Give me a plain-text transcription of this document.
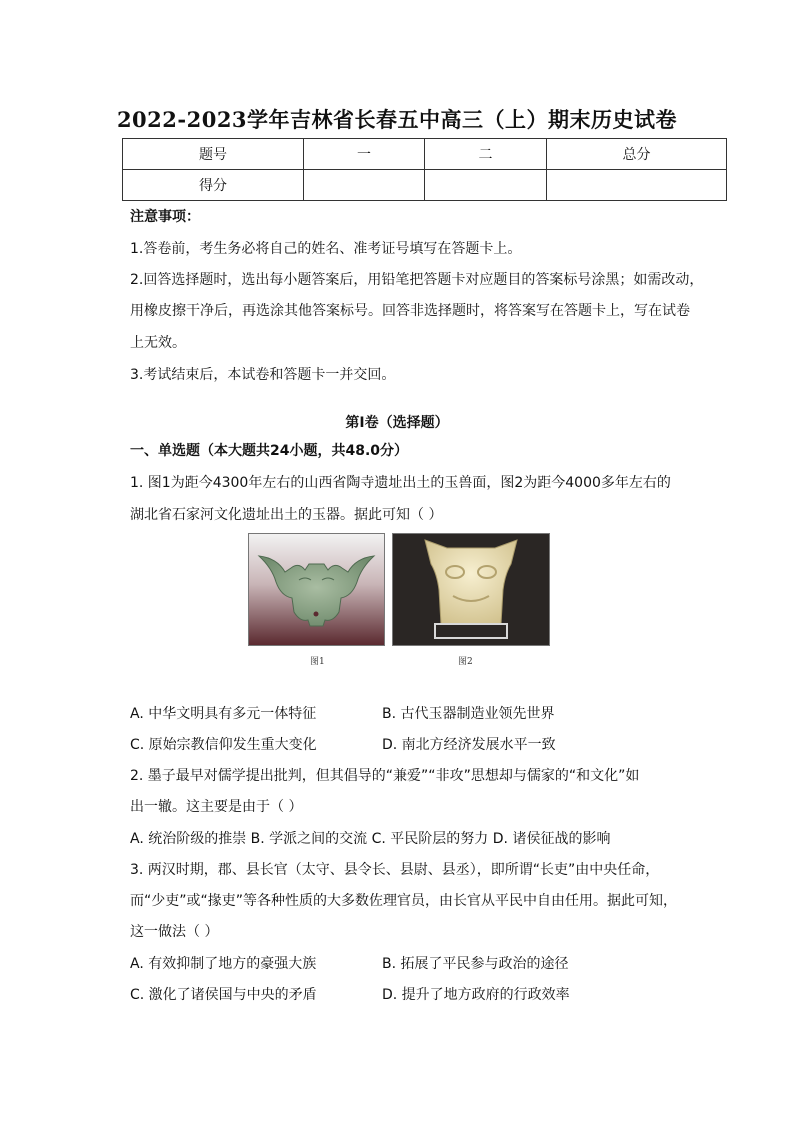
2022-2023学年吉林省长春五中高三（上）期末历史试卷
题号	一	二	总分
得分			
注意事项：
1.答卷前，考生务必将自己的姓名、准考证号填写在答题卡上。
2.回答选择题时，选出每小题答案后，用铅笔把答题卡对应题目的答案标号涂黑；如需改动，
用橡皮擦干净后，再选涂其他答案标号。回答非选择题时，将答案写在答题卡上，写在试卷
上无效。
3.考试结束后，本试卷和答题卡一并交回。
第Ⅰ卷（选择题）
一、单选题（本大题共24小题，共48.0分）
1. 图1为距今4300年左右的山西省陶寺遗址出土的玉兽面，图2为距今4000多年左右的
湖北省石家河文化遗址出土的玉器。据此可知（ ）
图1	图2
A. 中华文明具有多元一体特征	B. 古代玉器制造业领先世界
C. 原始宗教信仰发生重大变化	D. 南北方经济发展水平一致
2. 墨子最早对儒学提出批判，但其倡导的“兼爱”“非攻”思想却与儒家的“和文化”如
出一辙。这主要是由于（ ）
A. 统治阶级的推崇 B. 学派之间的交流 C. 平民阶层的努力 D. 诸侯征战的影响
3. 两汉时期，郡、县长官（太守、县令长、县尉、县丞），即所谓“长吏”由中央任命，
而“少吏”或“掾吏”等各种性质的大多数佐理官员，由长官从平民中自由任用。据此可知，
这一做法（ ）
A. 有效抑制了地方的豪强大族	B. 拓展了平民参与政治的途径
C. 激化了诸侯国与中央的矛盾	D. 提升了地方政府的行政效率
